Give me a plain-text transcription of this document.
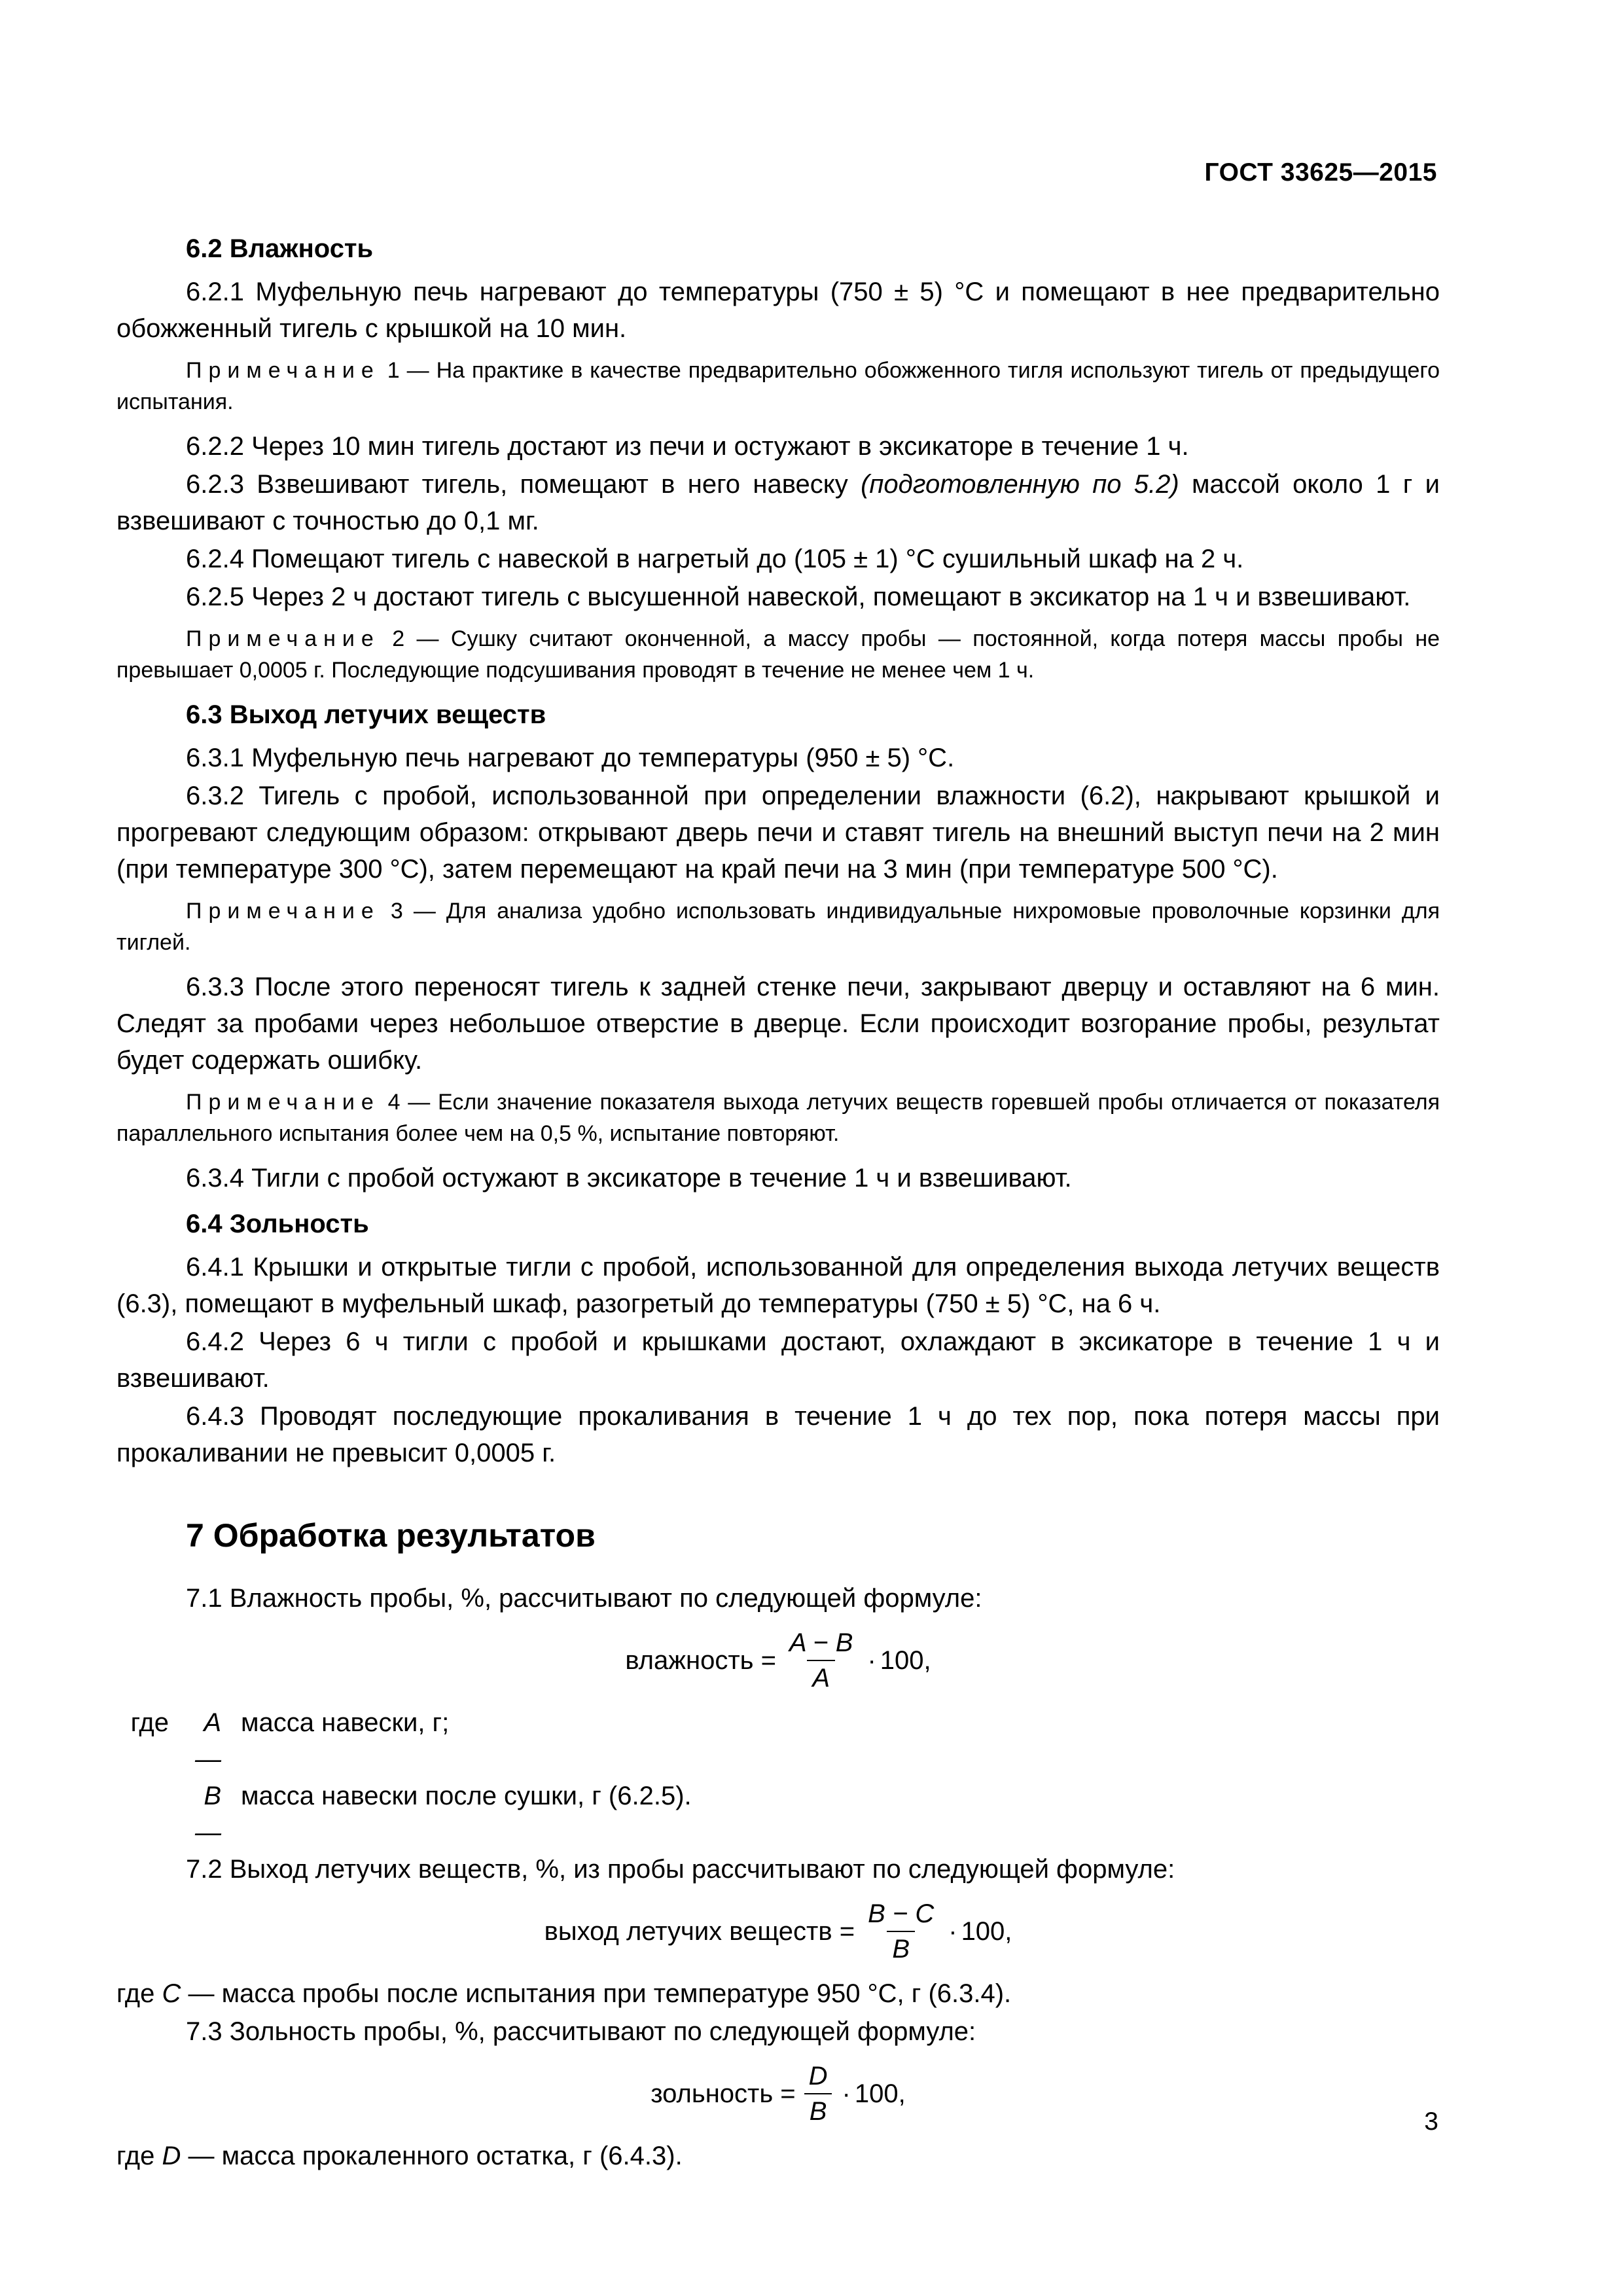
ГОСТ 33625—2015
6.2 Влажность

6.2.1 Муфельную печь нагревают до температуры (750 ± 5) °C и помещают в нее предварительно обожженный тигель с крышкой на 10 мин.

Примечание 1 — На практике в качестве предварительно обожженного тигля используют тигель от предыдущего испытания.

6.2.2 Через 10 мин тигель достают из печи и остужают в эксикаторе в течение 1 ч.

6.2.3 Взвешивают тигель, помещают в него навеску (подготовленную по 5.2) массой около 1 г и взвешивают с точностью до 0,1 мг.

6.2.4 Помещают тигель с навеской в нагретый до (105 ± 1) °C сушильный шкаф на 2 ч.

6.2.5 Через 2 ч достают тигель с высушенной навеской, помещают в эксикатор на 1 ч и взвешивают.

Примечание 2 — Сушку считают оконченной, а массу пробы — постоянной, когда потеря массы пробы не превышает 0,0005 г. Последующие подсушивания проводят в течение не менее чем 1 ч.

6.3 Выход летучих веществ

6.3.1 Муфельную печь нагревают до температуры (950 ± 5) °C.

6.3.2 Тигель с пробой, использованной при определении влажности (6.2), накрывают крышкой и прогревают следующим образом: открывают дверь печи и ставят тигель на внешний выступ печи на 2 мин (при температуре 300 °C), затем перемещают на край печи на 3 мин (при температуре 500 °C).

Примечание 3 — Для анализа удобно использовать индивидуальные нихромовые проволочные корзинки для тиглей.

6.3.3 После этого переносят тигель к задней стенке печи, закрывают дверцу и оставляют на 6 мин. Следят за пробами через небольшое отверстие в дверце. Если происходит возгорание пробы, результат будет содержать ошибку.

Примечание 4 — Если значение показателя выхода летучих веществ горевшей пробы отличается от показателя параллельного испытания более чем на 0,5 %, испытание повторяют.

6.3.4 Тигли с пробой остужают в эксикаторе в течение 1 ч и взвешивают.

6.4 Зольность

6.4.1 Крышки и открытые тигли с пробой, использованной для определения выхода летучих веществ (6.3), помещают в муфельный шкаф, разогретый до температуры (750 ± 5) °C, на 6 ч.

6.4.2 Через 6 ч тигли с пробой и крышками достают, охлаждают в эксикаторе в течение 1 ч и взвешивают.

6.4.3 Проводят последующие прокаливания в течение 1 ч до тех пор, пока потеря массы при прокаливании не превысит 0,0005 г.

7 Обработка результатов

7.1 Влажность пробы, %, рассчитывают по следующей формуле:

влажность = $\frac{A - B}{A} \cdot 100$,
где	A —
масса навески, г;
B —
масса навески после сушки, г (6.2.5).

7.2 Выход летучих веществ, %, из пробы рассчитывают по следующей формуле:

выход летучих веществ = $\frac{B - C}{B} \cdot 100$,

где C — масса пробы после испытания при температуре 950 °C, г (6.3.4).

7.3 Зольность пробы, %, рассчитывают по следующей формуле:

зольность = $\frac{D}{B} \cdot 100$,

где D — масса прокаленного остатка, г (6.4.3).

3
